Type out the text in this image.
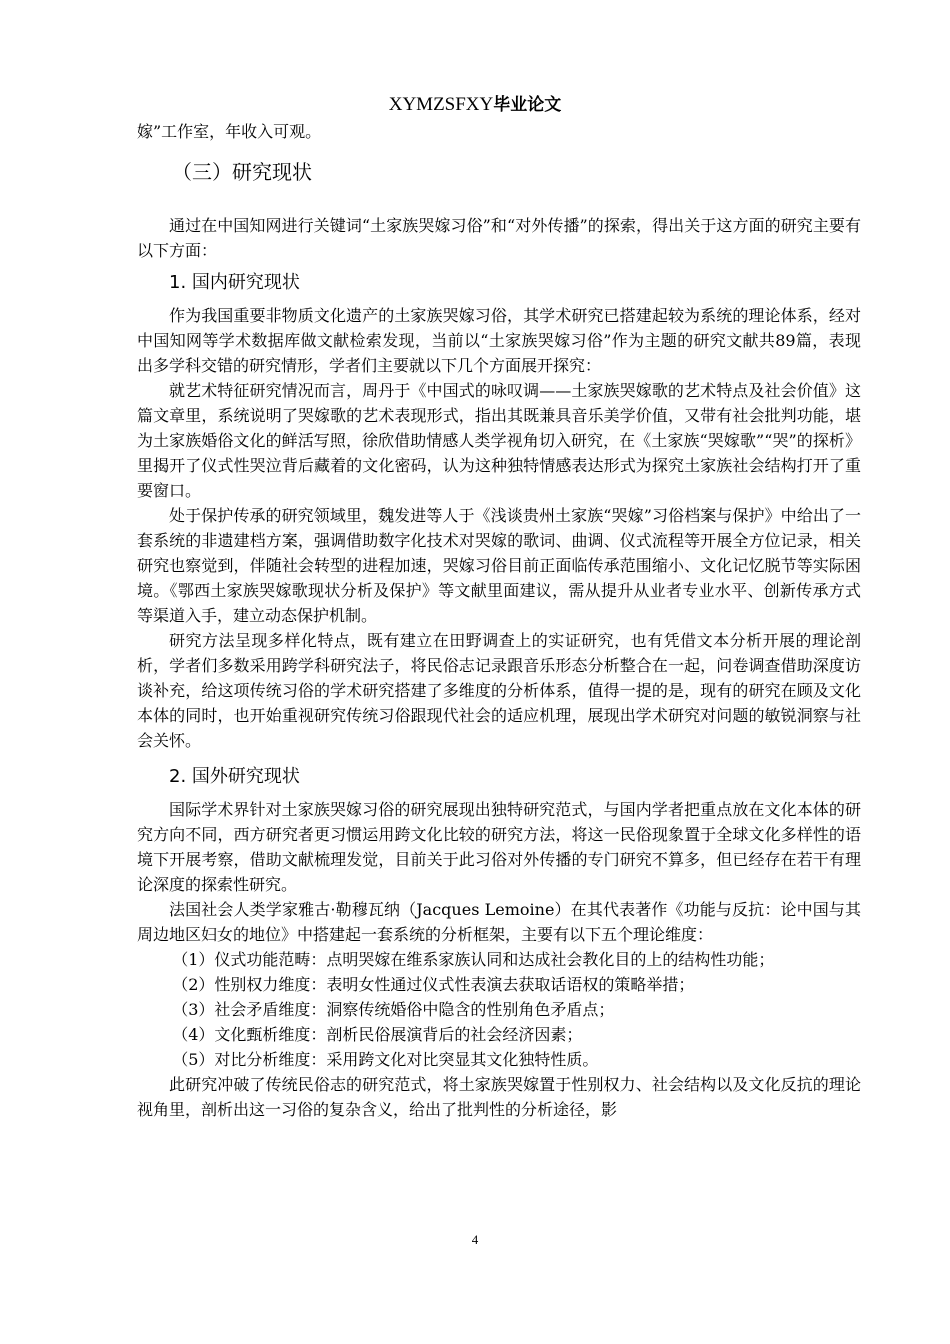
XYMZSFXY毕业论文

嫁”工作室，年收入可观。

（三）研究现状

通过在中国知网进行关键词“土家族哭嫁习俗”和“对外传播”的探索，得出关于这方面的研究主要有以下方面：

1. 国内研究现状

作为我国重要非物质文化遗产的土家族哭嫁习俗，其学术研究已搭建起较为系统的理论体系，经对中国知网等学术数据库做文献检索发现，当前以“土家族哭嫁习俗”作为主题的研究文献共89篇，表现出多学科交错的研究情形，学者们主要就以下几个方面展开探究：

就艺术特征研究情况而言，周丹于《中国式的咏叹调——土家族哭嫁歌的艺术特点及社会价值》这篇文章里，系统说明了哭嫁歌的艺术表现形式，指出其既兼具音乐美学价值，又带有社会批判功能，堪为土家族婚俗文化的鲜活写照，徐欣借助情感人类学视角切入研究，在《土家族“哭嫁歌”“哭”的探析》里揭开了仪式性哭泣背后藏着的文化密码，认为这种独特情感表达形式为探究土家族社会结构打开了重要窗口。

处于保护传承的研究领域里，魏发进等人于《浅谈贵州土家族“哭嫁”习俗档案与保护》中给出了一套系统的非遗建档方案，强调借助数字化技术对哭嫁的歌词、曲调、仪式流程等开展全方位记录，相关研究也察觉到，伴随社会转型的进程加速，哭嫁习俗目前正面临传承范围缩小、文化记忆脱节等实际困境。《鄂西土家族哭嫁歌现状分析及保护》等文献里面建议，需从提升从业者专业水平、创新传承方式等渠道入手，建立动态保护机制。

研究方法呈现多样化特点，既有建立在田野调查上的实证研究，也有凭借文本分析开展的理论剖析，学者们多数采用跨学科研究法子，将民俗志记录跟音乐形态分析整合在一起，问卷调查借助深度访谈补充，给这项传统习俗的学术研究搭建了多维度的分析体系，值得一提的是，现有的研究在顾及文化本体的同时，也开始重视研究传统习俗跟现代社会的适应机理，展现出学术研究对问题的敏锐洞察与社会关怀。

2. 国外研究现状

国际学术界针对土家族哭嫁习俗的研究展现出独特研究范式，与国内学者把重点放在文化本体的研究方向不同，西方研究者更习惯运用跨文化比较的研究方法，将这一民俗现象置于全球文化多样性的语境下开展考察，借助文献梳理发觉，目前关于此习俗对外传播的专门研究不算多，但已经存在若干有理论深度的探索性研究。

法国社会人类学家雅古·勒穆瓦纳（Jacques Lemoine）在其代表著作《功能与反抗：论中国与其周边地区妇女的地位》中搭建起一套系统的分析框架，主要有以下五个理论维度：

（1）仪式功能范畴：点明哭嫁在维系家族认同和达成社会教化目的上的结构性功能；

（2）性别权力维度：表明女性通过仪式性表演去获取话语权的策略举措；

（3）社会矛盾维度：洞察传统婚俗中隐含的性别角色矛盾点；

（4）文化甄析维度：剖析民俗展演背后的社会经济因素；

（5）对比分析维度：采用跨文化对比突显其文化独特性质。

此研究冲破了传统民俗志的研究范式，将土家族哭嫁置于性别权力、社会结构以及文化反抗的理论视角里，剖析出这一习俗的复杂含义，给出了批判性的分析途径，影

4
